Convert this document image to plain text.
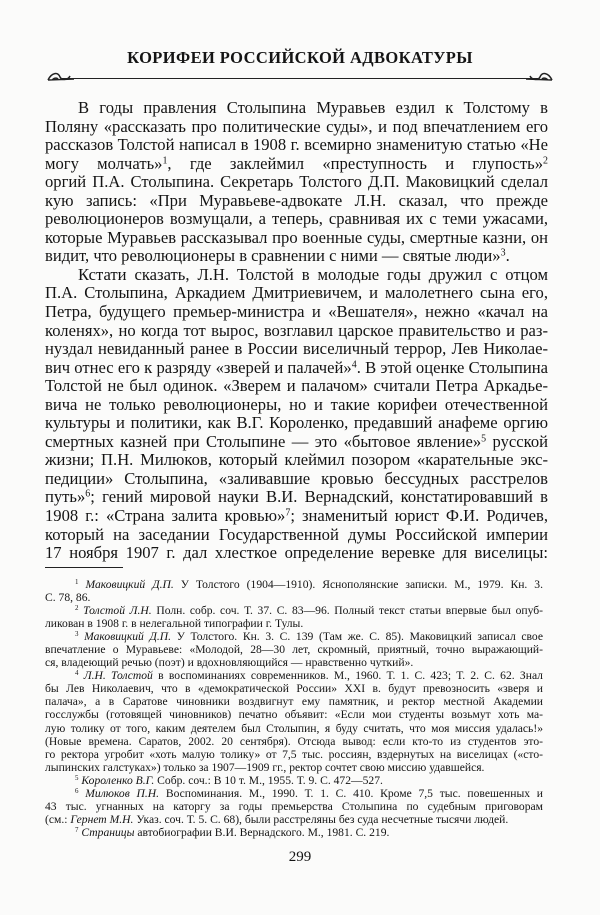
КОРИФЕИ РОССИЙСКОЙ АДВОКАТУРЫ
В годы правления Столыпина Муравьев ездил к Толстому в
Поляну «рассказать про политические суды», и под впечатлением его
рассказов Толстой написал в 1908 г. всемирно знаменитую статью «Не
могу молчать»$^1$, где заклеймил «преступность и глупость»$^2$
оргий П.А. Столыпина. Секретарь Толстого Д.П. Маковицкий сделал
кую запись: «При Муравьеве-адвокате Л.Н. сказал, что прежде
революционеров возмущали, а теперь, сравнивая их с теми ужасами,
которые Муравьев рассказывал про военные суды, смертные казни, он
видит, что революционеры в сравнении с ними — святые люди»$^3$.
Кстати сказать, Л.Н. Толстой в молодые годы дружил с отцом
П.А. Столыпина, Аркадием Дмитриевичем, и малолетнего сына его,
Петра, будущего премьер-министра и «Вешателя», нежно «качал на
коленях», но когда тот вырос, возглавил царское правительство и раз-
нуздал невиданный ранее в России виселичный террор, Лев Николае-
вич отнес его к разряду «зверей и палачей»$^4$. В этой оценке Столыпина
Толстой не был одинок. «Зверем и палачом» считали Петра Аркадье-
вича не только революционеры, но и такие корифеи отечественной
культуры и политики, как В.Г. Короленко, предавший анафеме оргию
смертных казней при Столыпине — это «бытовое явление»$^5$ русской
жизни; П.Н. Милюков, который клеймил позором «карательные экс-
педиции» Столыпина, «заливавшие кровью бессудных расстрелов
путь»$^6$; гений мировой науки В.И. Вернадский, констатировавший в
1908 г.: «Страна залита кровью»$^7$; знаменитый юрист Ф.И. Родичев,
который на заседании Государственной думы Российской империи
17 ноября 1907 г. дал хлесткое определение веревке для виселицы:
$^1$ Маковицкий Д.П. У Толстого (1904—1910). Яснополянские записки. М., 1979. Кн. 3.
С. 78, 86.
$^2$ Толстой Л.Н. Полн. собр. соч. Т. 37. С. 83—96. Полный текст статьи впервые был опуб-
ликован в 1908 г. в нелегальной типографии г. Тулы.
$^3$ Маковицкий Д.П. У Толстого. Кн. 3. С. 139 (Там же. С. 85). Маковицкий записал свое
впечатление о Муравьеве: «Молодой, 28—30 лет, скромный, приятный, точно выражающий-
ся, владеющий речью (поэт) и вдохновляющийся — нравственно чуткий».
$^4$ Л.Н. Толстой в воспоминаниях современников. М., 1960. Т. 1. С. 423; Т. 2. С. 62. Знал
бы Лев Николаевич, что в «демократической России» XXI в. будут превозносить «зверя и
палача», а в Саратове чиновники воздвигнут ему памятник, и ректор местной Академии
госслужбы (готовящей чиновников) печатно объявит: «Если мои студенты возьмут хоть ма-
лую толику от того, каким деятелем был Столыпин, я буду считать, что моя миссия удалась!»
(Новые времена. Саратов, 2002. 20 сентября). Отсюда вывод: если кто-то из студентов это-
го ректора угробит «хоть малую толику» от 7,5 тыс. россиян, вздернутых на виселицах («сто-
лыпинских галстуках») только за 1907—1909 гг., ректор сочтет свою миссию удавшейся.
$^5$ Короленко В.Г. Собр. соч.: В 10 т. М., 1955. Т. 9. С. 472—527.
$^6$ Милюков П.Н. Воспоминания. М., 1990. Т. 1. С. 410. Кроме 7,5 тыс. повешенных и
43 тыс. угнанных на каторгу за годы премьерства Столыпина по судебным приговорам
(см.: Гернет М.Н. Указ. соч. Т. 5. С. 68), были расстреляны без суда несчетные тысячи людей.
$^7$ Страницы автобиографии В.И. Вернадского. М., 1981. С. 219.
299
